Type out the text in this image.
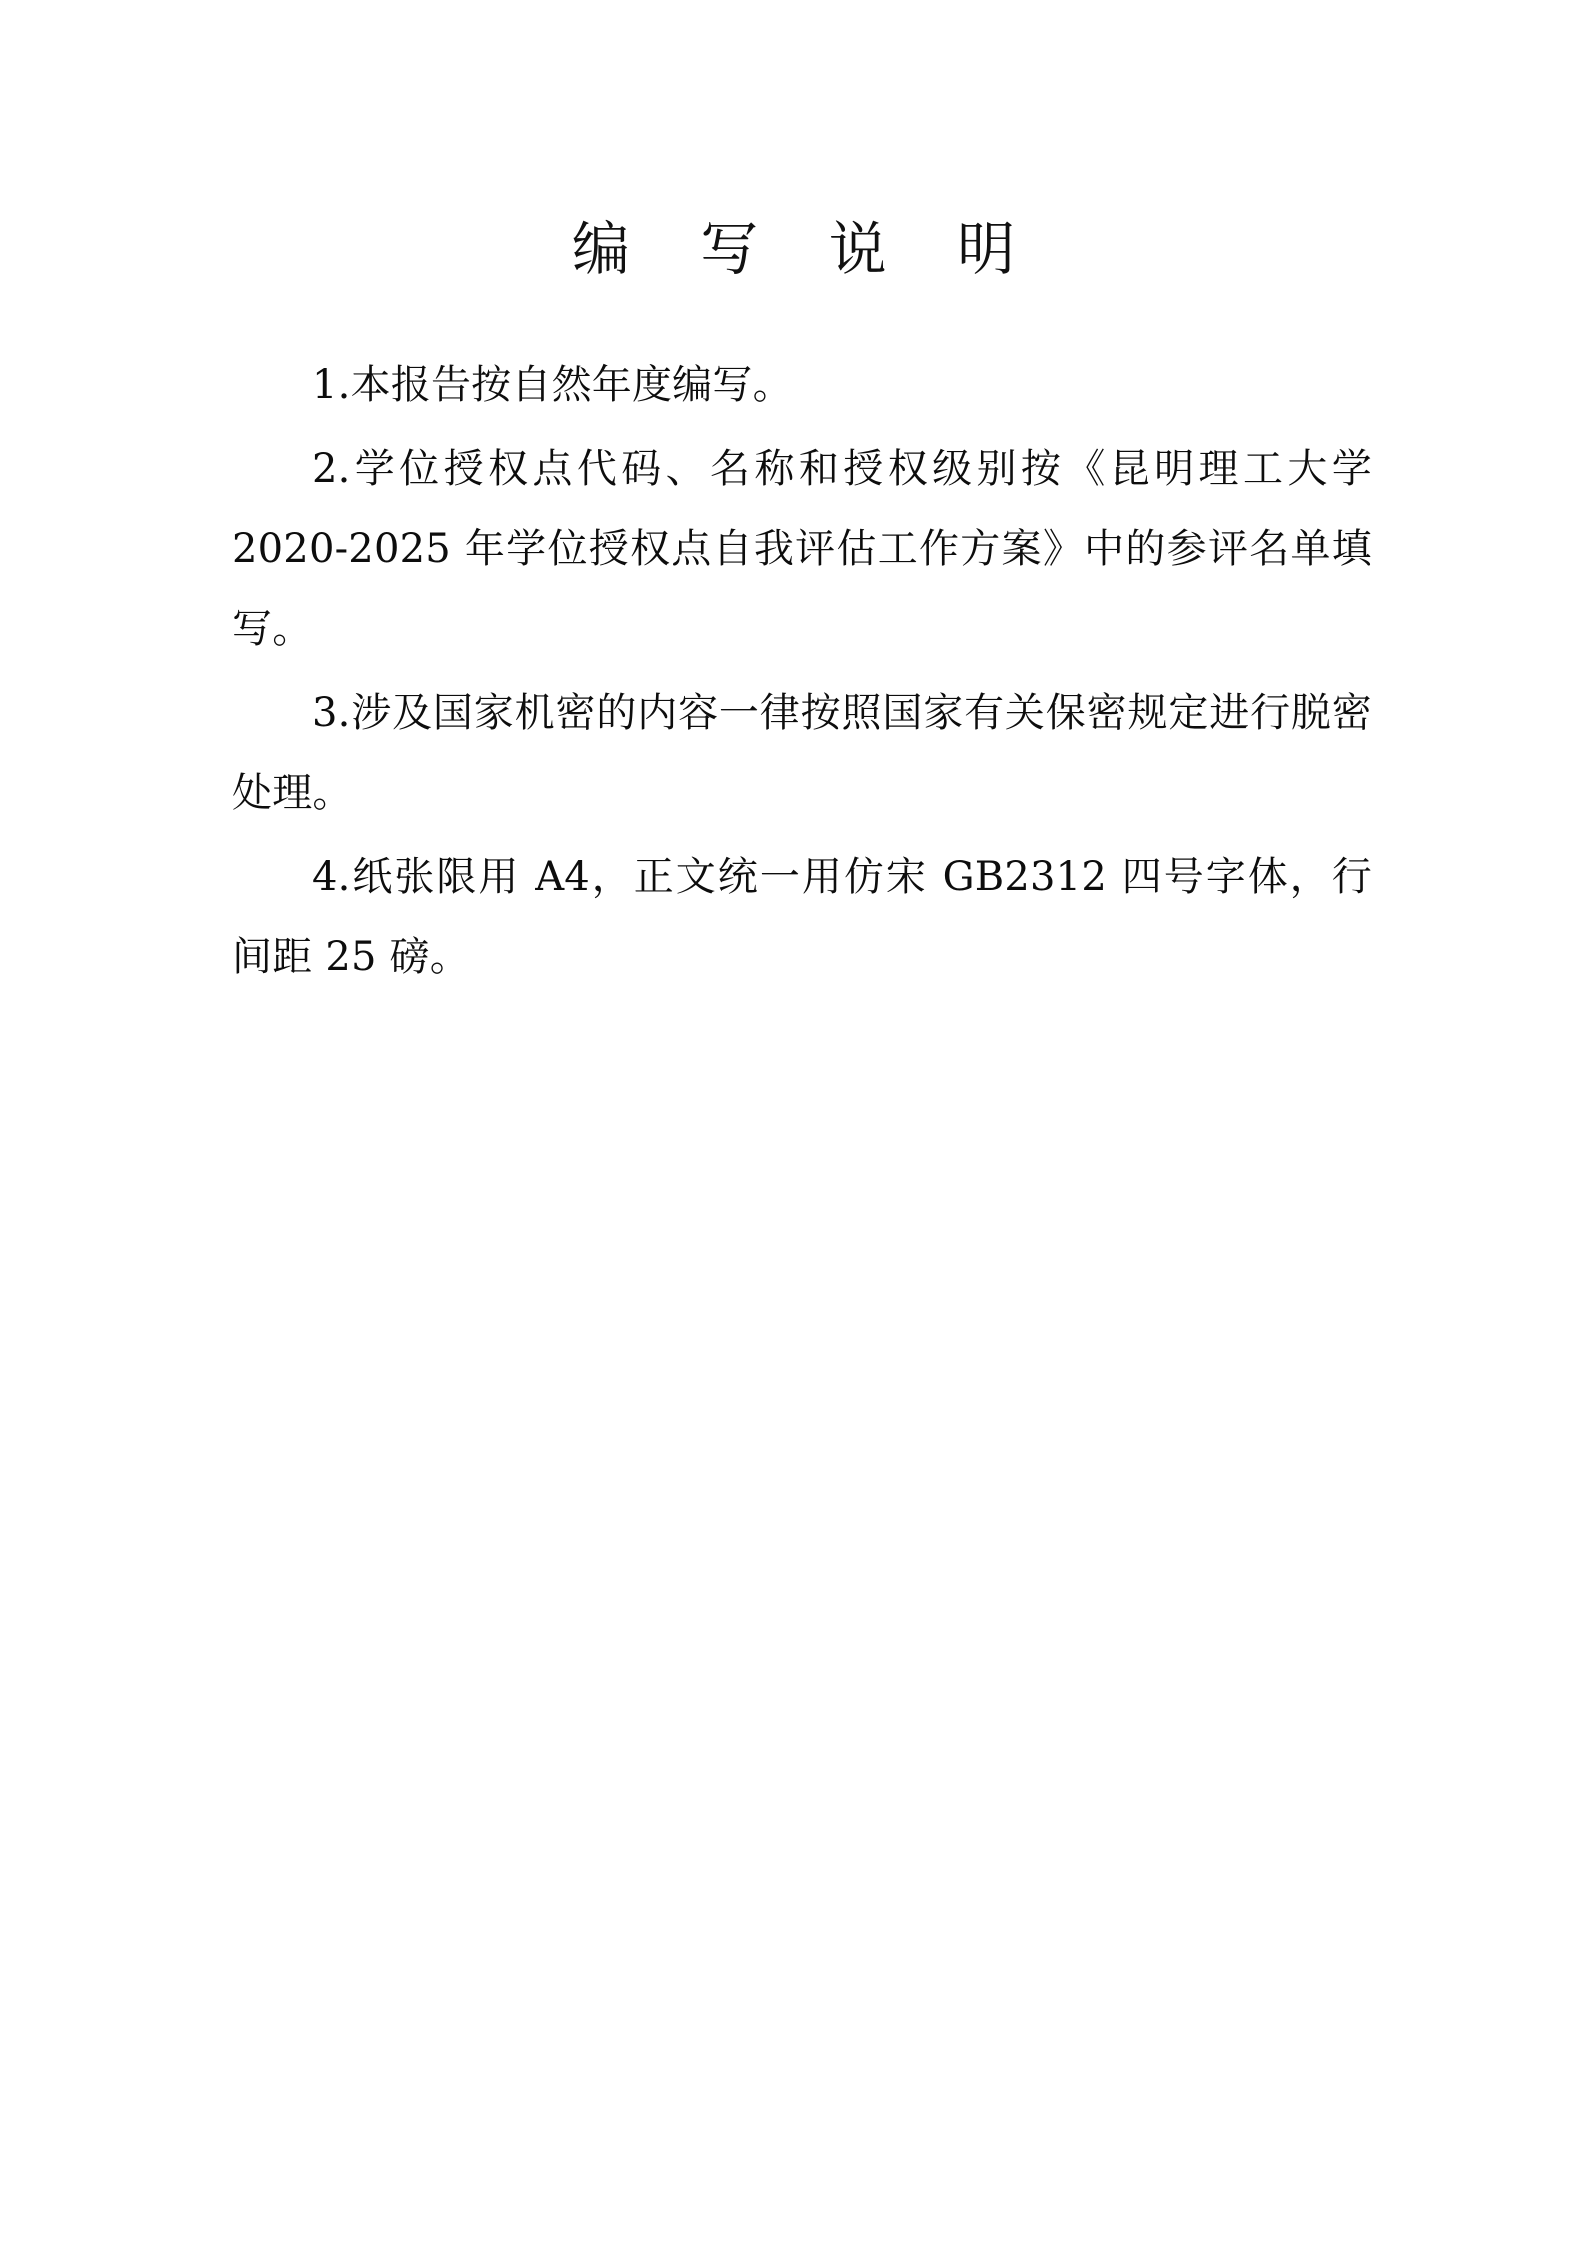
编 写 说 明

1.本报告按自然年度编写。

2.学位授权点代码、名称和授权级别按《昆明理工大学 2020-2025 年学位授权点自我评估工作方案》中的参评名单填写。

3.涉及国家机密的内容一律按照国家有关保密规定进行脱密处理。

4.纸张限用 A4，正文统一用仿宋 GB2312 四号字体，行间距 25 磅。
